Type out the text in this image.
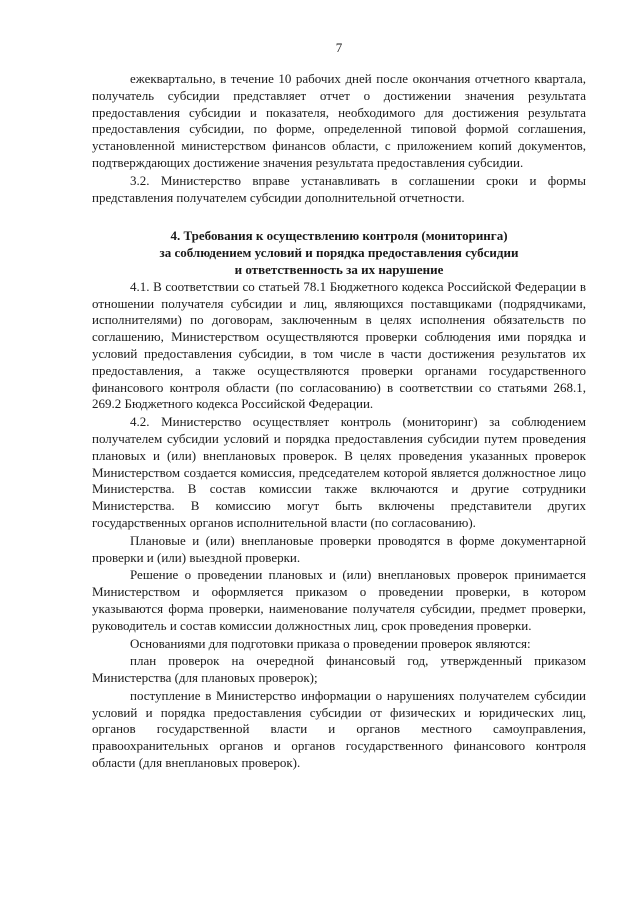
7

ежеквартально, в течение 10 рабочих дней после окончания отчетного квартала, получатель субсидии представляет отчет о достижении значения результата предоставления субсидии и показателя, необходимого для достижения результата предоставления субсидии, по форме, определенной типовой формой соглашения, установленной министерством финансов области, с приложением копий документов, подтверждающих достижение значения результата предоставления субсидии.

3.2. Министерство вправе устанавливать в соглашении сроки и формы представления получателем субсидии дополнительной отчетности.

4. Требования к осуществлению контроля (мониторинга)
за соблюдением условий и порядка предоставления субсидии
и ответственность за их нарушение

4.1. В соответствии со статьей 78.1 Бюджетного кодекса Российской Федерации в отношении получателя субсидии и лиц, являющихся поставщиками (подрядчиками, исполнителями) по договорам, заключенным в целях исполнения обязательств по соглашению, Министерством осуществляются проверки соблюдения ими порядка и условий предоставления субсидии, в том числе в части достижения результатов их предоставления, а также осуществляются проверки органами государственного финансового контроля области (по согласованию) в соответствии со статьями 268.1, 269.2 Бюджетного кодекса Российской Федерации.

4.2. Министерство осуществляет контроль (мониторинг) за соблюдением получателем субсидии условий и порядка предоставления субсидии путем проведения плановых и (или) внеплановых проверок. В целях проведения указанных проверок Министерством создается комиссия, председателем которой является должностное лицо Министерства. В состав комиссии также включаются и другие сотрудники Министерства. В комиссию могут быть включены представители других государственных органов исполнительной власти (по согласованию).

Плановые и (или) внеплановые проверки проводятся в форме документарной проверки и (или) выездной проверки.

Решение о проведении плановых и (или) внеплановых проверок принимается Министерством и оформляется приказом о проведении проверки, в котором указываются форма проверки, наименование получателя субсидии, предмет проверки, руководитель и состав комиссии должностных лиц, срок проведения проверки.

Основаниями для подготовки приказа о проведении проверок являются:

план проверок на очередной финансовый год, утвержденный приказом Министерства (для плановых проверок);

поступление в Министерство информации о нарушениях получателем субсидии условий и порядка предоставления субсидии от физических и юридических лиц, органов государственной власти и органов местного самоуправления, правоохранительных органов и органов государственного финансового контроля области (для внеплановых проверок).
